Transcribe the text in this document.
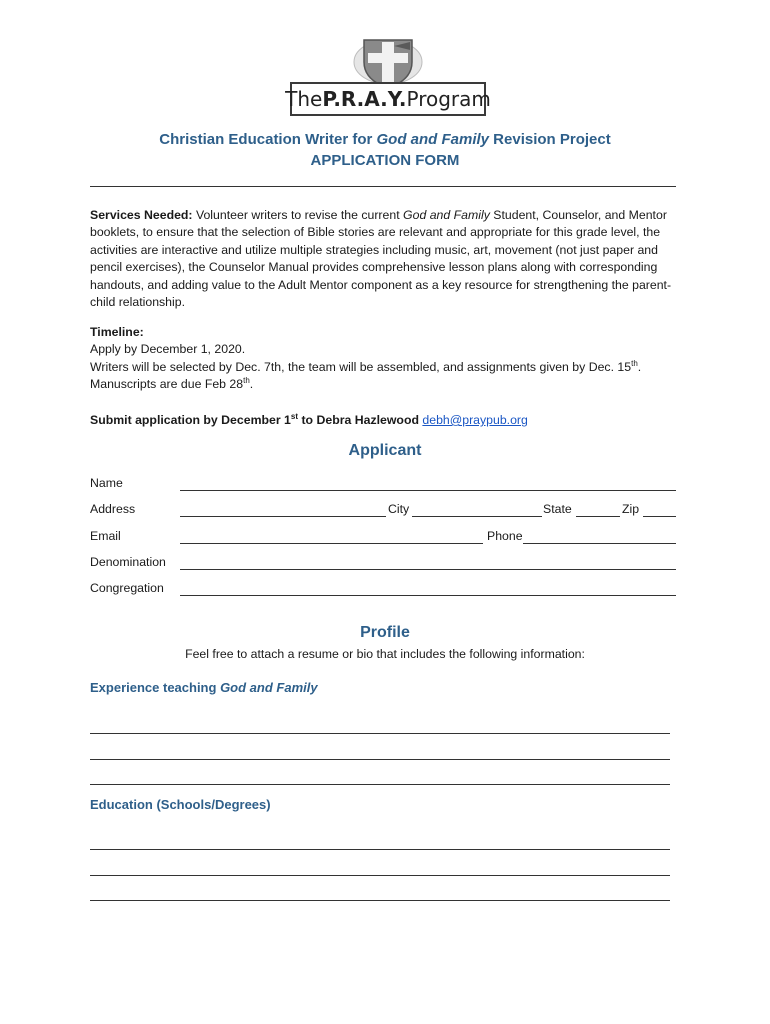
The P.R.A.Y. Program
Christian Education Writer for God and Family Revision Project
APPLICATION FORM
Services Needed: Volunteer writers to revise the current God and Family Student, Counselor, and Mentor booklets, to ensure that the selection of Bible stories are relevant and appropriate for this grade level, the activities are interactive and utilize multiple strategies including music, art, movement (not just paper and pencil exercises), the Counselor Manual provides comprehensive lesson plans along with corresponding handouts, and adding value to the Adult Mentor component as a key resource for strengthening the parent-child relationship.
Timeline:
Apply by December 1, 2020.
Writers will be selected by Dec. 7th, the team will be assembled, and assignments given by Dec. 15th.
Manuscripts are due Feb 28th.
Submit application by December 1st to Debra Hazlewood debh@praypub.org
Applicant
Name
Address	City	State	Zip
Email	Phone
Denomination
Congregation
Profile
Feel free to attach a resume or bio that includes the following information:
Experience teaching God and Family
Education (Schools/Degrees)
